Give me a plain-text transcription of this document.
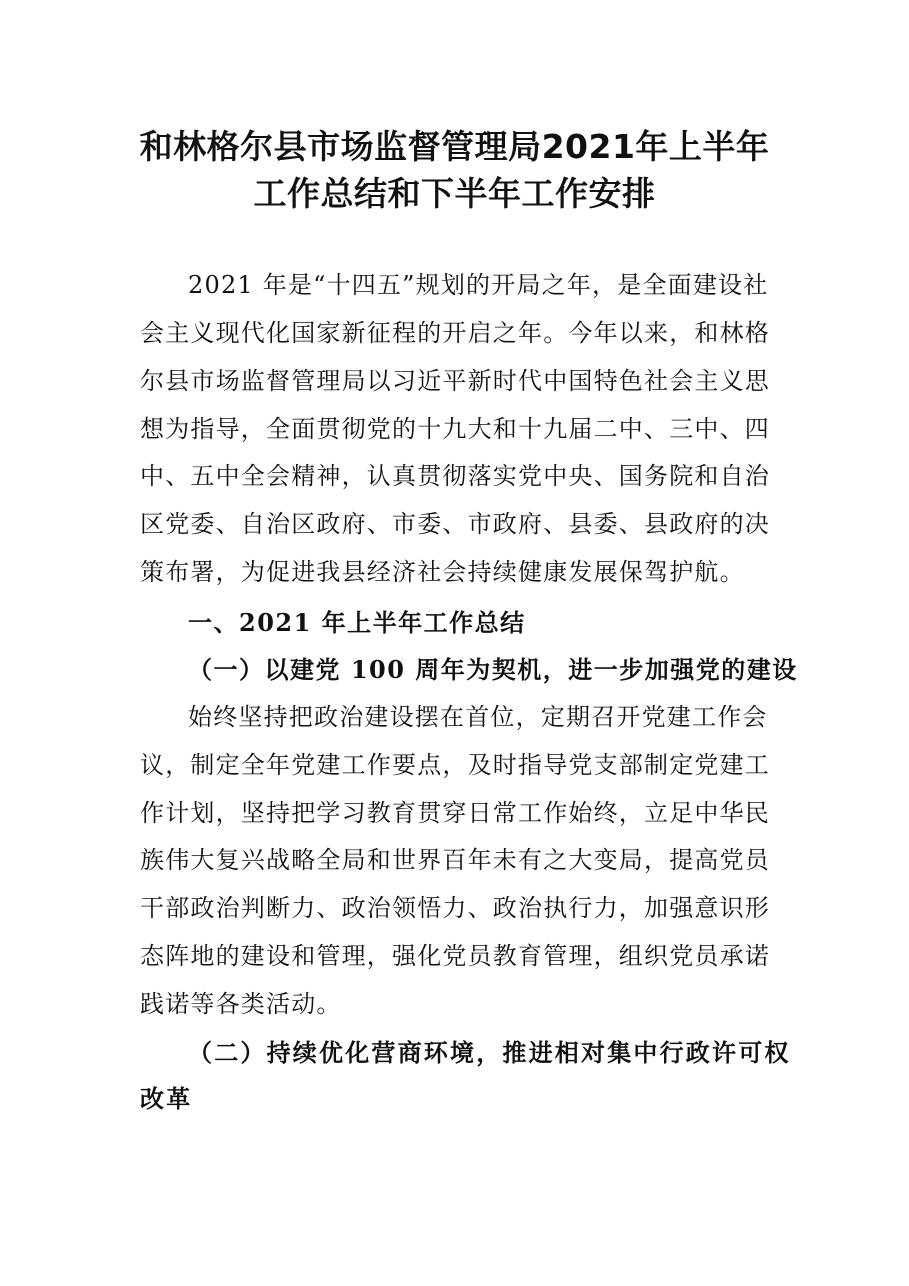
和林格尔县市场监督管理局2021年上半年
工作总结和下半年工作安排
2021 年是“十四五”规划的开局之年，是全面建设社
会主义现代化国家新征程的开启之年。今年以来，和林格
尔县市场监督管理局以习近平新时代中国特色社会主义思
想为指导，全面贯彻党的十九大和十九届二中、三中、四
中、五中全会精神，认真贯彻落实党中央、国务院和自治
区党委、自治区政府、市委、市政府、县委、县政府的决
策布署，为促进我县经济社会持续健康发展保驾护航。
一、2021 年上半年工作总结
（一）以建党 100 周年为契机，进一步加强党的建设
始终坚持把政治建设摆在首位，定期召开党建工作会
议，制定全年党建工作要点，及时指导党支部制定党建工
作计划，坚持把学习教育贯穿日常工作始终，立足中华民
族伟大复兴战略全局和世界百年未有之大变局，提高党员
干部政治判断力、政治领悟力、政治执行力，加强意识形
态阵地的建设和管理，强化党员教育管理，组织党员承诺
践诺等各类活动。
（二）持续优化营商环境，推进相对集中行政许可权
改革
